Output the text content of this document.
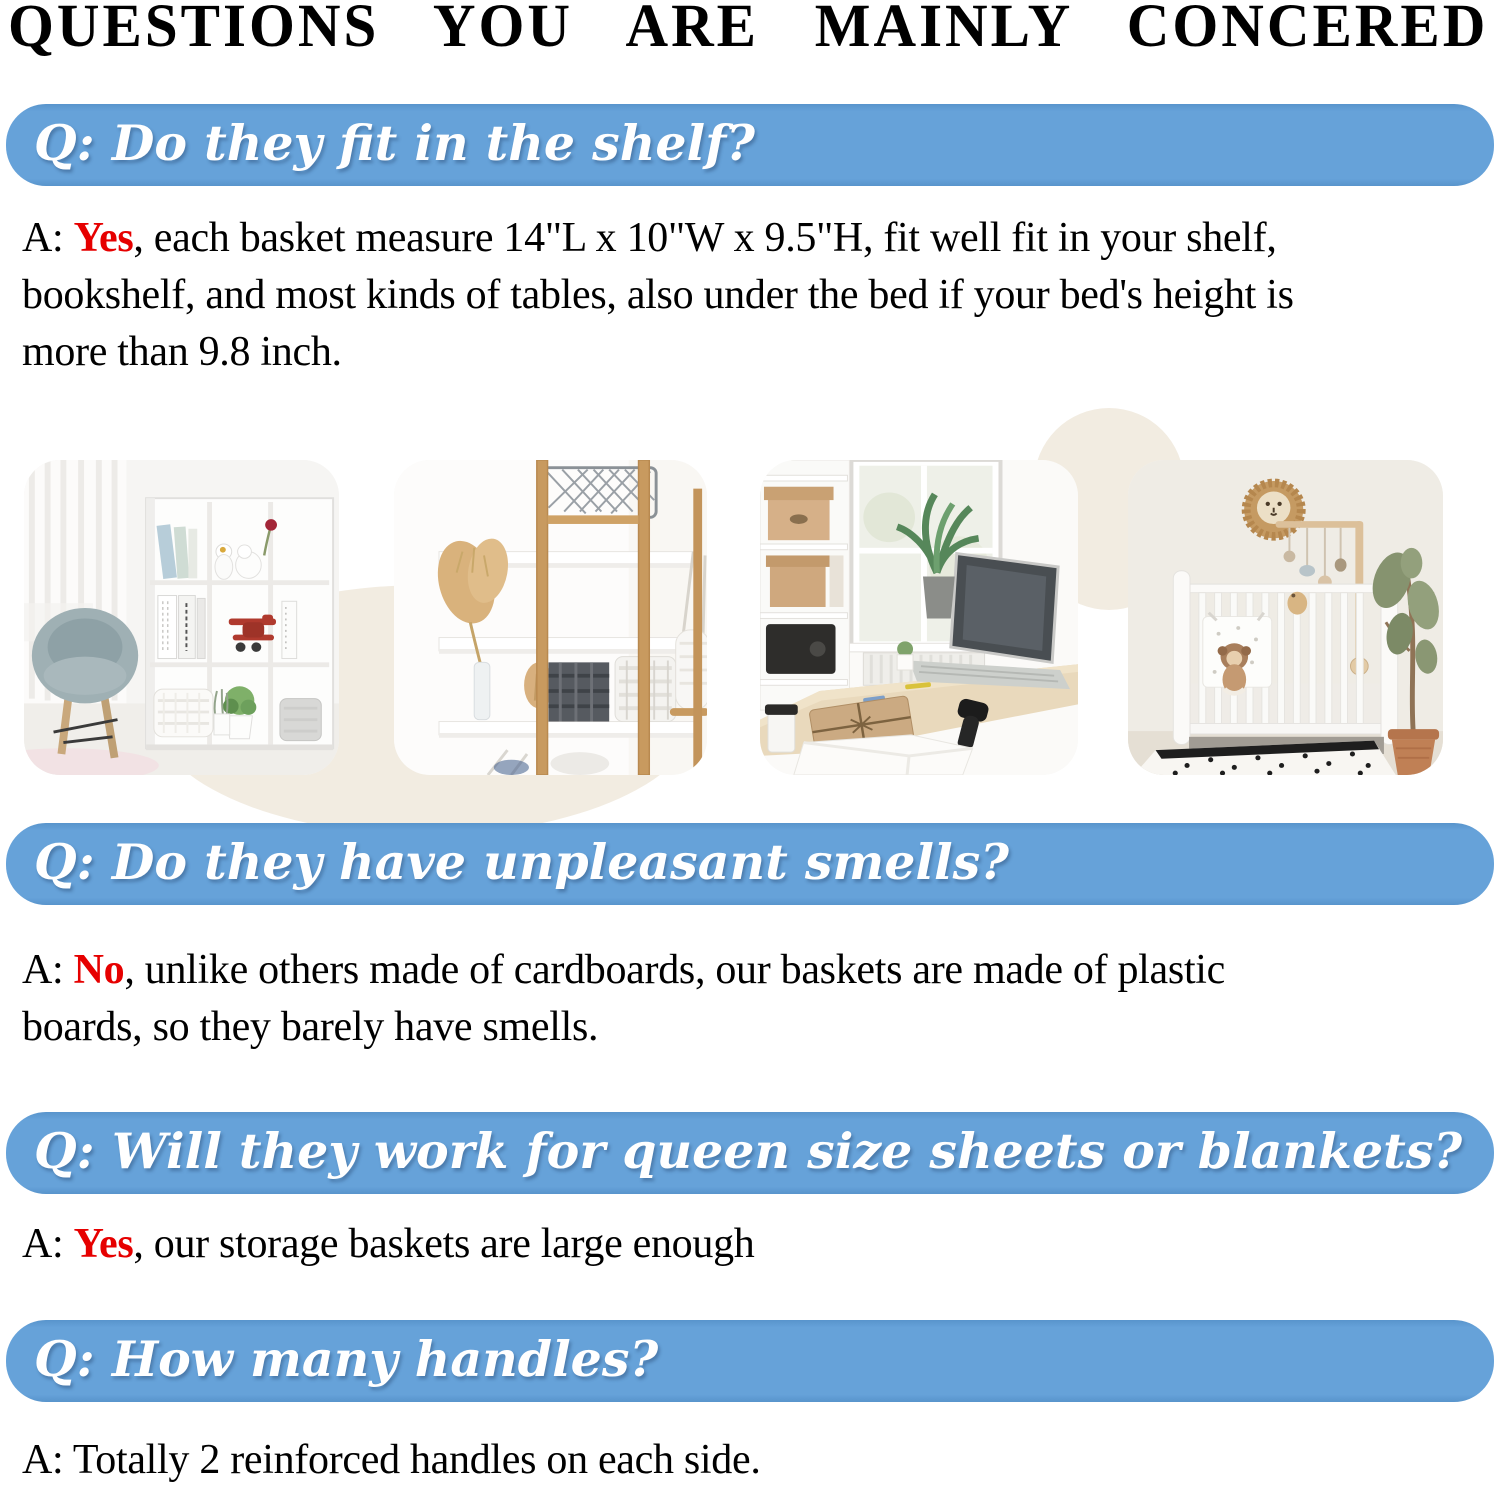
QUESTIONS YOU ARE MAINLY CONCERED
Q: Do they fit in the shelf?
A: Yes, each basket measure 14"L x 10"W x 9.5"H, fit well fit in your shelf,
bookshelf, and most kinds of tables, also under the bed if your bed's height is
more than 9.8 inch.
Q: Do they have unpleasant smells?
A: No, unlike others made of cardboards, our baskets are made of plastic
boards, so they barely have smells.
Q: Will they work for queen size sheets or blankets?
A: Yes, our storage baskets are large enough
Q: How many handles?
A: Totally 2 reinforced handles on each side.
